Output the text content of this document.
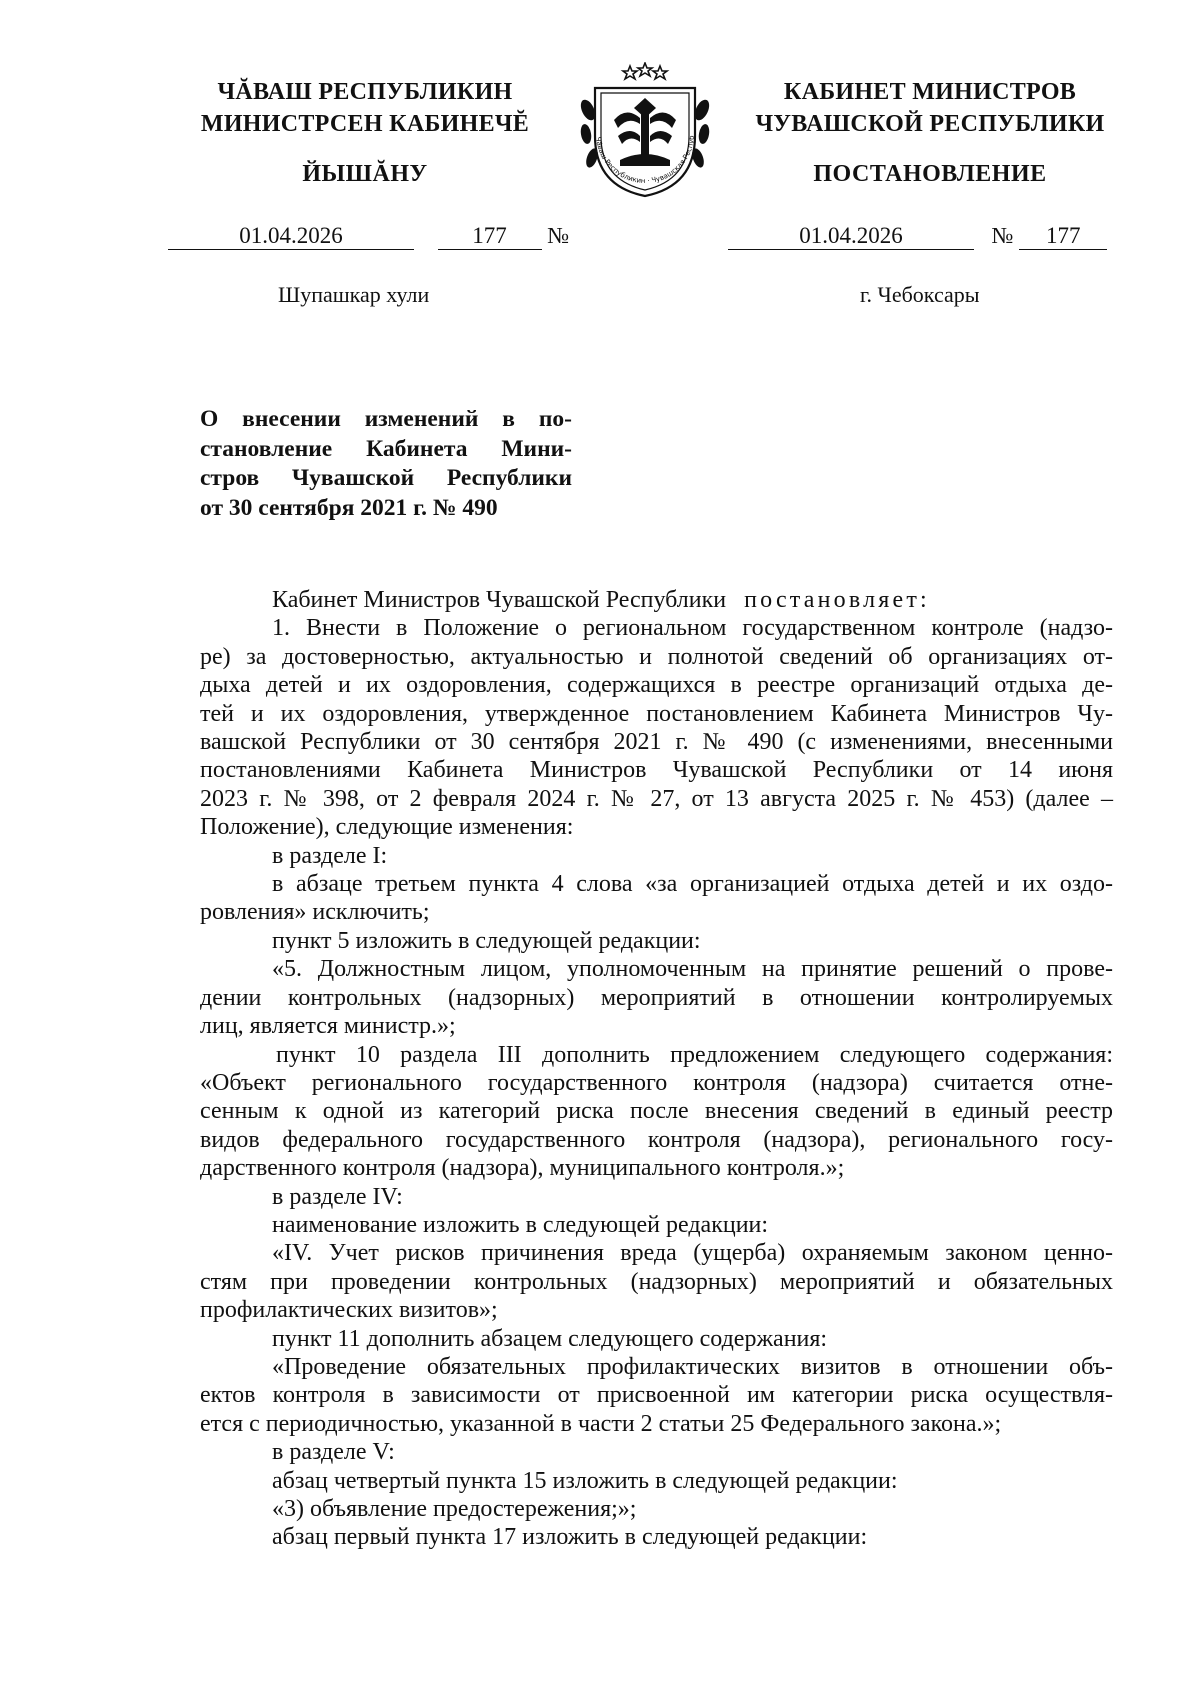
ЧĂВАШ РЕСПУБЛИКИН
МИНИСТРСЕН КАБИНЕЧĔ
ЙЫШĂНУ
Чăваш Республикин · Чувашская Респуб
КАБИНЕТ МИНИСТРОВ
ЧУВАШСКОЙ РЕСПУБЛИКИ
ПОСТАНОВЛЕНИЕ
01.04.2026	177 №	01.04.2026	№ 177
Шупашкар хули	г. Чебоксары
О внесении изменений в по-
становление Кабинета Мини-
стров Чувашской Республики
от 30 сентября 2021 г. № 490
Кабинет Министров Чувашской Республики постановляет:
1. Внести в Положение о региональном государственном контроле (надзо-
ре) за достоверностью, актуальностью и полнотой сведений об организациях от-
дыха детей и их оздоровления, содержащихся в реестре организаций отдыха де-
тей и их оздоровления, утвержденное постановлением Кабинета Министров Чу-
вашской Республики от 30 сентября 2021 г. № 490 (с изменениями, внесенными
постановлениями Кабинета Министров Чувашской Республики от 14 июня
2023 г. № 398, от 2 февраля 2024 г. № 27, от 13 августа 2025 г. № 453) (далее –
Положение), следующие изменения:
в разделе I:
в абзаце третьем пункта 4 слова «за организацией отдыха детей и их оздо-
ровления» исключить;
пункт 5 изложить в следующей редакции:
«5. Должностным лицом, уполномоченным на принятие решений о прове-
дении контрольных (надзорных) мероприятий в отношении контролируемых
лиц, является министр.»;
пункт 10 раздела III дополнить предложением следующего содержания:
«Объект регионального государственного контроля (надзора) считается отне-
сенным к одной из категорий риска после внесения сведений в единый реестр
видов федерального государственного контроля (надзора), регионального госу-
дарственного контроля (надзора), муниципального контроля.»;
в разделе IV:
наименование изложить в следующей редакции:
«IV. Учет рисков причинения вреда (ущерба) охраняемым законом ценно-
стям при проведении контрольных (надзорных) мероприятий и обязательных
профилактических визитов»;
пункт 11 дополнить абзацем следующего содержания:
«Проведение обязательных профилактических визитов в отношении объ-
ектов контроля в зависимости от присвоенной им категории риска осуществля-
ется с периодичностью, указанной в части 2 статьи 25 Федерального закона.»;
в разделе V:
абзац четвертый пункта 15 изложить в следующей редакции:
«3) объявление предостережения;»;
абзац первый пункта 17 изложить в следующей редакции:
